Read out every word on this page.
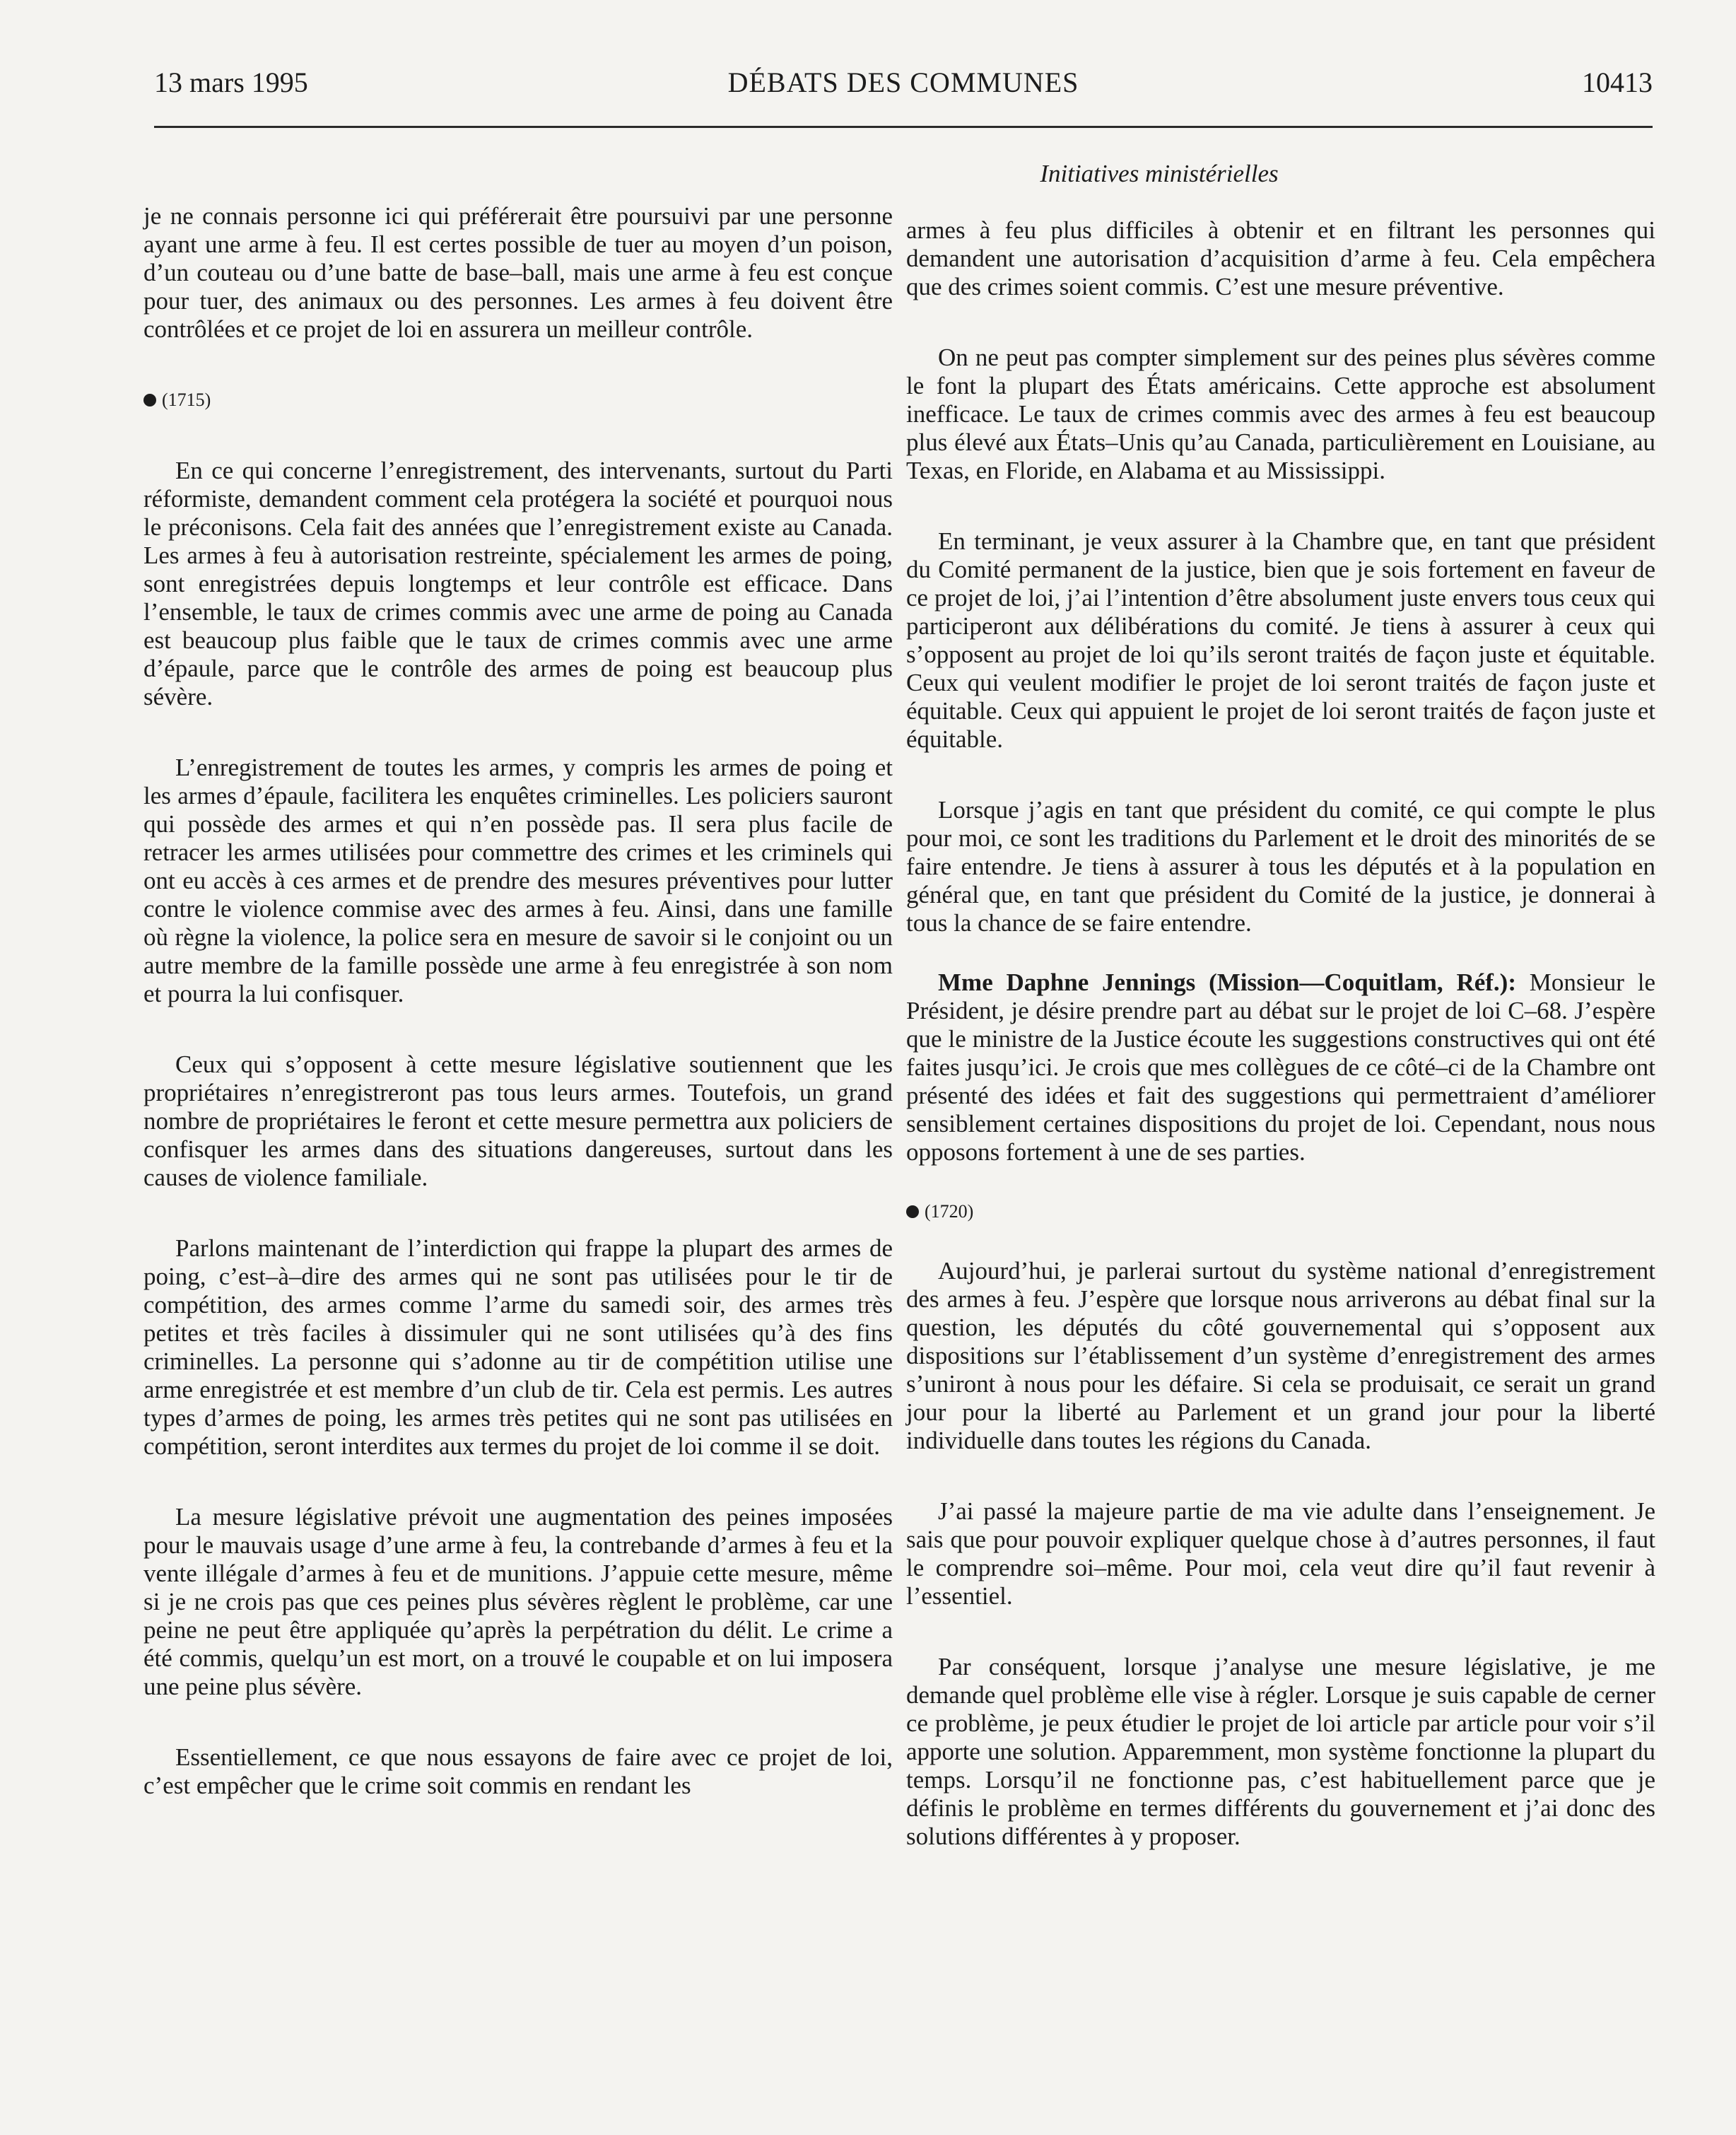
13 mars 1995	DÉBATS DES COMMUNES	10413
Initiatives ministérielles

je ne connais personne ici qui préférerait être poursuivi par une personne ayant une arme à feu. Il est certes possible de tuer au moyen d’un poison, d’un couteau ou d’une batte de base–ball, mais une arme à feu est conçue pour tuer, des animaux ou des personnes. Les armes à feu doivent être contrôlées et ce projet de loi en assurera un meilleur contrôle.

(1715)

En ce qui concerne l’enregistrement, des intervenants, surtout du Parti réformiste, demandent comment cela protégera la société et pourquoi nous le préconisons. Cela fait des années que l’enregistrement existe au Canada. Les armes à feu à autorisation restreinte, spécialement les armes de poing, sont enregistrées depuis longtemps et leur contrôle est efficace. Dans l’ensemble, le taux de crimes commis avec une arme de poing au Canada est beaucoup plus faible que le taux de crimes commis avec une arme d’épaule, parce que le contrôle des armes de poing est beaucoup plus sévère.

L’enregistrement de toutes les armes, y compris les armes de poing et les armes d’épaule, facilitera les enquêtes criminelles. Les policiers sauront qui possède des armes et qui n’en possède pas. Il sera plus facile de retracer les armes utilisées pour commettre des crimes et les criminels qui ont eu accès à ces armes et de prendre des mesures préventives pour lutter contre le violence commise avec des armes à feu. Ainsi, dans une famille où règne la violence, la police sera en mesure de savoir si le conjoint ou un autre membre de la famille possède une arme à feu enregistrée à son nom et pourra la lui confisquer.

Ceux qui s’opposent à cette mesure législative soutiennent que les propriétaires n’enregistreront pas tous leurs armes. Toutefois, un grand nombre de propriétaires le feront et cette mesure permettra aux policiers de confisquer les armes dans des situations dangereuses, surtout dans les causes de violence familiale.

Parlons maintenant de l’interdiction qui frappe la plupart des armes de poing, c’est–à–dire des armes qui ne sont pas utilisées pour le tir de compétition, des armes comme l’arme du samedi soir, des armes très petites et très faciles à dissimuler qui ne sont utilisées qu’à des fins criminelles. La personne qui s’adonne au tir de compétition utilise une arme enregistrée et est membre d’un club de tir. Cela est permis. Les autres types d’armes de poing, les armes très petites qui ne sont pas utilisées en compétition, seront interdites aux termes du projet de loi comme il se doit.

La mesure législative prévoit une augmentation des peines imposées pour le mauvais usage d’une arme à feu, la contrebande d’armes à feu et la vente illégale d’armes à feu et de munitions. J’appuie cette mesure, même si je ne crois pas que ces peines plus sévères règlent le problème, car une peine ne peut être appliquée qu’après la perpétration du délit. Le crime a été commis, quelqu’un est mort, on a trouvé le coupable et on lui imposera une peine plus sévère.

Essentiellement, ce que nous essayons de faire avec ce projet de loi, c’est empêcher que le crime soit commis en rendant les

armes à feu plus difficiles à obtenir et en filtrant les personnes qui demandent une autorisation d’acquisition d’arme à feu. Cela empêchera que des crimes soient commis. C’est une mesure préventive.

On ne peut pas compter simplement sur des peines plus sévères comme le font la plupart des États américains. Cette approche est absolument inefficace. Le taux de crimes commis avec des armes à feu est beaucoup plus élevé aux États–Unis qu’au Canada, particulièrement en Louisiane, au Texas, en Floride, en Alabama et au Mississippi.

En terminant, je veux assurer à la Chambre que, en tant que président du Comité permanent de la justice, bien que je sois fortement en faveur de ce projet de loi, j’ai l’intention d’être absolument juste envers tous ceux qui participeront aux délibérations du comité. Je tiens à assurer à ceux qui s’opposent au projet de loi qu’ils seront traités de façon juste et équitable. Ceux qui veulent modifier le projet de loi seront traités de façon juste et équitable. Ceux qui appuient le projet de loi seront traités de façon juste et équitable.

Lorsque j’agis en tant que président du comité, ce qui compte le plus pour moi, ce sont les traditions du Parlement et le droit des minorités de se faire entendre. Je tiens à assurer à tous les députés et à la population en général que, en tant que président du Comité de la justice, je donnerai à tous la chance de se faire entendre.

Mme Daphne Jennings (Mission—Coquitlam, Réf.): Monsieur le Président, je désire prendre part au débat sur le projet de loi C–68. J’espère que le ministre de la Justice écoute les suggestions constructives qui ont été faites jusqu’ici. Je crois que mes collègues de ce côté–ci de la Chambre ont présenté des idées et fait des suggestions qui permettraient d’améliorer sensiblement certaines dispositions du projet de loi. Cependant, nous nous opposons fortement à une de ses parties.

(1720)

Aujourd’hui, je parlerai surtout du système national d’enregistrement des armes à feu. J’espère que lorsque nous arriverons au débat final sur la question, les députés du côté gouvernemental qui s’opposent aux dispositions sur l’établissement d’un système d’enregistrement des armes s’uniront à nous pour les défaire. Si cela se produisait, ce serait un grand jour pour la liberté au Parlement et un grand jour pour la liberté individuelle dans toutes les régions du Canada.

J’ai passé la majeure partie de ma vie adulte dans l’enseignement. Je sais que pour pouvoir expliquer quelque chose à d’autres personnes, il faut le comprendre soi–même. Pour moi, cela veut dire qu’il faut revenir à l’essentiel.

Par conséquent, lorsque j’analyse une mesure législative, je me demande quel problème elle vise à régler. Lorsque je suis capable de cerner ce problème, je peux étudier le projet de loi article par article pour voir s’il apporte une solution. Apparemment, mon système fonctionne la plupart du temps. Lorsqu’il ne fonctionne pas, c’est habituellement parce que je définis le problème en termes différents du gouvernement et j’ai donc des solutions différentes à y proposer.
